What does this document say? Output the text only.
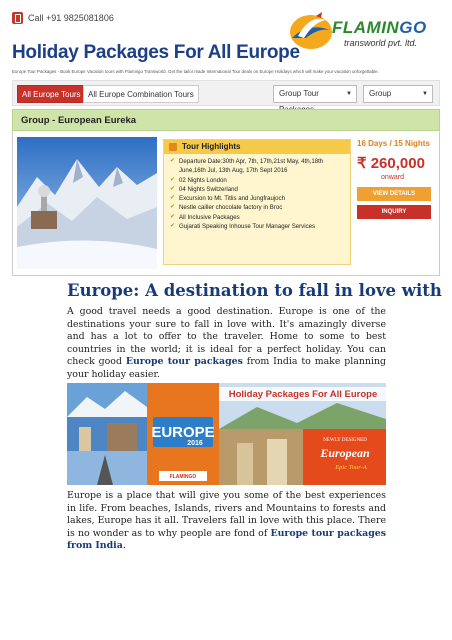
Call +91 9825081806	FLAMINGO
transworld pvt. ltd.
Holiday Packages For All Europe
Europe Tour Packages - Book Europe Vacation tours with Flamingo Transworld. Get the tailor made International Tour deals on Europe Holidays which will make your vacation unforgettable.
All Europe Tours All Europe Combination Tours	Group Tour	▼	Group	▼
Group - European Eureka
Tour Highlights
✔ Departure Date:30th Apr, 7th, 17th,21st May, 4th,18th June,16th Jul, 13th Aug, 17th Sept 2016
✔ 02 Nights London
✔ 04 Nights Switzerland
✔ Excursion to Mt. Titlis and Jungfraujoch
✔ Nestle cailler chocolate factory in Broc
✔ All Inclusive Packages
✔ Gujarati Speaking Inhouse Tour Manager Services
16 Days / 15 Nights
₹ 260,000
onward
VIEW DETAILS
INQUIRY
Europe: A destination to fall in love with
A good travel needs a good destination. Europe is one of the destinations your sure to fall in love with. It's amazingly diverse and has a lot to offer to the traveler. Home to some to best countries in the world; it is ideal for a perfect holiday. You can check good Europe tour packages from India to make planning your holiday easier.
EUROPE
2016
FLAMINGO
Holiday Packages For All Europe
NEWLY DESIGNED
European
Epic Tour-A
Europe is a place that will give you some of the best experiences in life. From beaches, Islands, rivers and Mountains to forests and lakes, Europe has it all. Travelers fall in love with this place. There is no wonder as to why people are fond of Europe tour packages from India.
